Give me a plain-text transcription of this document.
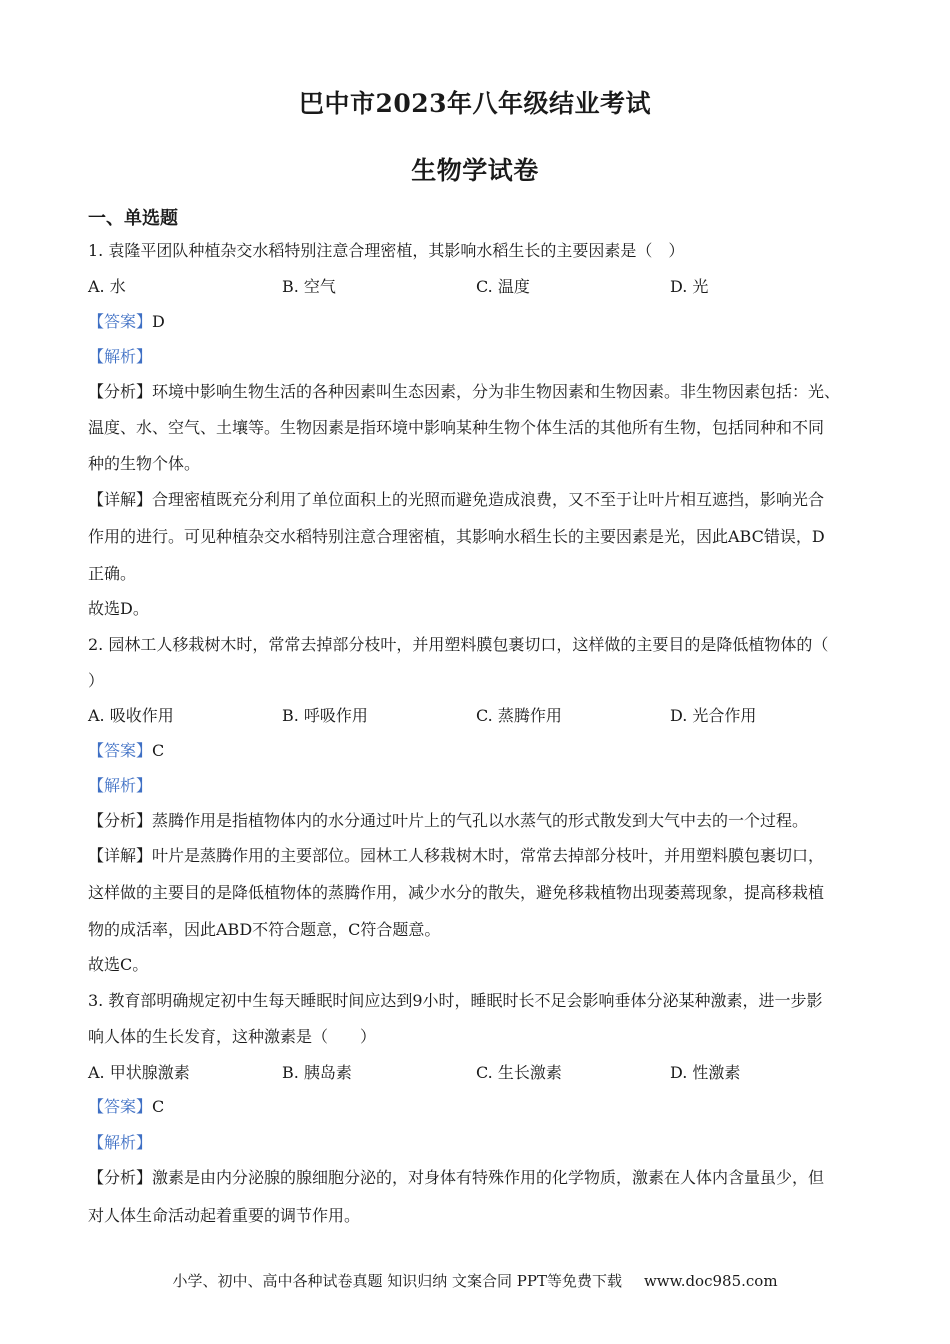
巴中市2023年八年级结业考试
生物学试卷
一、单选题
1. 袁隆平团队种植杂交水稻特别注意合理密植，其影响水稻生长的主要因素是（　）
A. 水	B. 空气	C. 温度	D. 光
【答案】D
【解析】
【分析】环境中影响生物生活的各种因素叫生态因素，分为非生物因素和生物因素。非生物因素包括：光、
温度、水、空气、土壤等。生物因素是指环境中影响某种生物个体生活的其他所有生物，包括同种和不同
种的生物个体。
【详解】合理密植既充分利用了单位面积上的光照而避免造成浪费，又不至于让叶片相互遮挡，影响光合
作用的进行。可见种植杂交水稻特别注意合理密植，其影响水稻生长的主要因素是光，因此ABC错误，D
正确。
故选D。
2. 园林工人移栽树木时，常常去掉部分枝叶，并用塑料膜包裹切口，这样做的主要目的是降低植物体的（
）
A. 吸收作用	B. 呼吸作用	C. 蒸腾作用	D. 光合作用
【答案】C
【解析】
【分析】蒸腾作用是指植物体内的水分通过叶片上的气孔以水蒸气的形式散发到大气中去的一个过程。
【详解】叶片是蒸腾作用的主要部位。园林工人移栽树木时，常常去掉部分枝叶，并用塑料膜包裹切口，
这样做的主要目的是降低植物体的蒸腾作用，减少水分的散失，避免移栽植物出现萎蔫现象，提高移栽植
物的成活率，因此ABD不符合题意，C符合题意。
故选C。
3. 教育部明确规定初中生每天睡眠时间应达到9小时，睡眠时长不足会影响垂体分泌某种激素，进一步影
响人体的生长发育，这种激素是（　　）
A. 甲状腺激素	B. 胰岛素	C. 生长激素	D. 性激素
【答案】C
【解析】
【分析】激素是由内分泌腺的腺细胞分泌的，对身体有特殊作用的化学物质，激素在人体内含量虽少，但
对人体生命活动起着重要的调节作用。
小学、初中、高中各种试卷真题 知识归纳 文案合同 PPT等免费下载 www.doc985.com
